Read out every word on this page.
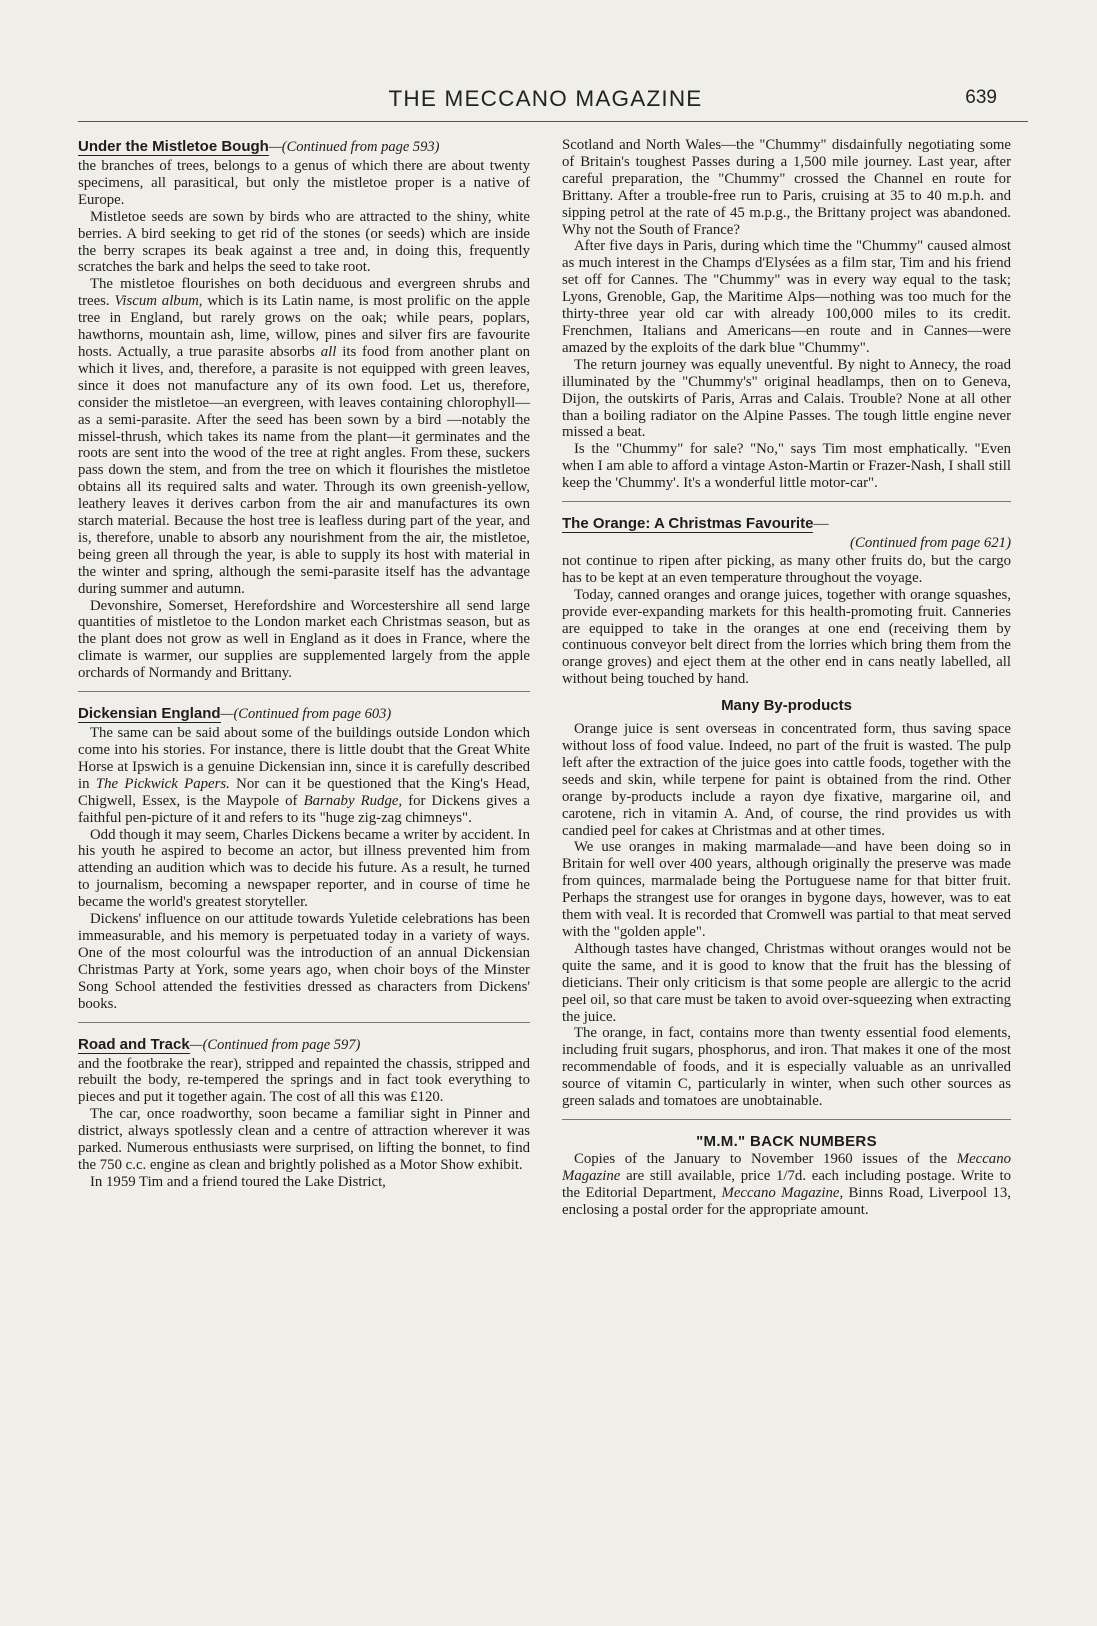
THE MECCANO MAGAZINE	639
Under the Mistletoe Bough—(Continued from page 593)

the branches of trees, belongs to a genus of which there are about twenty specimens, all parasitical, but only the mistletoe proper is a native of Europe.

Mistletoe seeds are sown by birds who are attracted to the shiny, white berries. A bird seeking to get rid of the stones (or seeds) which are inside the berry scrapes its beak against a tree and, in doing this, frequently scratches the bark and helps the seed to take root.

The mistletoe flourishes on both deciduous and evergreen shrubs and trees. Viscum album, which is its Latin name, is most prolific on the apple tree in England, but rarely grows on the oak; while pears, poplars, hawthorns, mountain ash, lime, willow, pines and silver firs are favourite hosts. Actually, a true parasite absorbs all its food from another plant on which it lives, and, therefore, a parasite is not equipped with green leaves, since it does not manufacture any of its own food. Let us, therefore, consider the mistletoe—an evergreen, with leaves containing chlorophyll—as a semi-parasite. After the seed has been sown by a bird —notably the missel-thrush, which takes its name from the plant—it germinates and the roots are sent into the wood of the tree at right angles. From these, suckers pass down the stem, and from the tree on which it flourishes the mistletoe obtains all its required salts and water. Through its own greenish-yellow, leathery leaves it derives carbon from the air and manufactures its own starch material. Because the host tree is leafless during part of the year, and is, therefore, unable to absorb any nourishment from the air, the mistletoe, being green all through the year, is able to supply its host with material in the winter and spring, although the semi-parasite itself has the advantage during summer and autumn.

Devonshire, Somerset, Herefordshire and Worcestershire all send large quantities of mistletoe to the London market each Christmas season, but as the plant does not grow as well in England as it does in France, where the climate is warmer, our supplies are supplemented largely from the apple orchards of Normandy and Brittany.

Dickensian England—(Continued from page 603)

The same can be said about some of the buildings outside London which come into his stories. For instance, there is little doubt that the Great White Horse at Ipswich is a genuine Dickensian inn, since it is carefully described in The Pickwick Papers. Nor can it be questioned that the King's Head, Chigwell, Essex, is the Maypole of Barnaby Rudge, for Dickens gives a faithful pen-picture of it and refers to its "huge zig-zag chimneys".

Odd though it may seem, Charles Dickens became a writer by accident. In his youth he aspired to become an actor, but illness prevented him from attending an audition which was to decide his future. As a result, he turned to journalism, becoming a newspaper reporter, and in course of time he became the world's greatest storyteller.

Dickens' influence on our attitude towards Yuletide celebrations has been immeasurable, and his memory is perpetuated today in a variety of ways. One of the most colourful was the introduction of an annual Dickensian Christmas Party at York, some years ago, when choir boys of the Minster Song School attended the festivities dressed as characters from Dickens' books.

Road and Track—(Continued from page 597)

and the footbrake the rear), stripped and repainted the chassis, stripped and rebuilt the body, re-tempered the springs and in fact took everything to pieces and put it together again. The cost of all this was £120.

The car, once roadworthy, soon became a familiar sight in Pinner and district, always spotlessly clean and a centre of attraction wherever it was parked. Numerous enthusiasts were surprised, on lifting the bonnet, to find the 750 c.c. engine as clean and brightly polished as a Motor Show exhibit.

In 1959 Tim and a friend toured the Lake District,

Scotland and North Wales—the "Chummy" disdainfully negotiating some of Britain's toughest Passes during a 1,500 mile journey. Last year, after careful preparation, the "Chummy" crossed the Channel en route for Brittany. After a trouble-free run to Paris, cruising at 35 to 40 m.p.h. and sipping petrol at the rate of 45 m.p.g., the Brittany project was abandoned. Why not the South of France?

After five days in Paris, during which time the "Chummy" caused almost as much interest in the Champs d'Elysées as a film star, Tim and his friend set off for Cannes. The "Chummy" was in every way equal to the task; Lyons, Grenoble, Gap, the Maritime Alps—nothing was too much for the thirty-three year old car with already 100,000 miles to its credit. Frenchmen, Italians and Americans—en route and in Cannes—were amazed by the exploits of the dark blue "Chummy".

The return journey was equally uneventful. By night to Annecy, the road illuminated by the "Chummy's" original headlamps, then on to Geneva, Dijon, the outskirts of Paris, Arras and Calais. Trouble? None at all other than a boiling radiator on the Alpine Passes. The tough little engine never missed a beat.

Is the "Chummy" for sale? "No," says Tim most emphatically. "Even when I am able to afford a vintage Aston-Martin or Frazer-Nash, I shall still keep the 'Chummy'. It's a wonderful little motor-car".

The Orange: A Christmas Favourite—
(Continued from page 621)

not continue to ripen after picking, as many other fruits do, but the cargo has to be kept at an even temperature throughout the voyage.

Today, canned oranges and orange juices, together with orange squashes, provide ever-expanding markets for this health-promoting fruit. Canneries are equipped to take in the oranges at one end (receiving them by continuous conveyor belt direct from the lorries which bring them from the orange groves) and eject them at the other end in cans neatly labelled, all without being touched by hand.

Many By-products

Orange juice is sent overseas in concentrated form, thus saving space without loss of food value. Indeed, no part of the fruit is wasted. The pulp left after the extraction of the juice goes into cattle foods, together with the seeds and skin, while terpene for paint is obtained from the rind. Other orange by-products include a rayon dye fixative, margarine oil, and carotene, rich in vitamin A. And, of course, the rind provides us with candied peel for cakes at Christmas and at other times.

We use oranges in making marmalade—and have been doing so in Britain for well over 400 years, although originally the preserve was made from quinces, marmalade being the Portuguese name for that bitter fruit. Perhaps the strangest use for oranges in bygone days, however, was to eat them with veal. It is recorded that Cromwell was partial to that meat served with the "golden apple".

Although tastes have changed, Christmas without oranges would not be quite the same, and it is good to know that the fruit has the blessing of dieticians. Their only criticism is that some people are allergic to the acrid peel oil, so that care must be taken to avoid over-squeezing when extracting the juice.

The orange, in fact, contains more than twenty essential food elements, including fruit sugars, phosphorus, and iron. That makes it one of the most recommendable of foods, and it is especially valuable as an unrivalled source of vitamin C, particularly in winter, when such other sources as green salads and tomatoes are unobtainable.

"M.M." BACK NUMBERS

Copies of the January to November 1960 issues of the Meccano Magazine are still available, price 1/7d. each including postage. Write to the Editorial Department, Meccano Magazine, Binns Road, Liverpool 13, enclosing a postal order for the appropriate amount.
